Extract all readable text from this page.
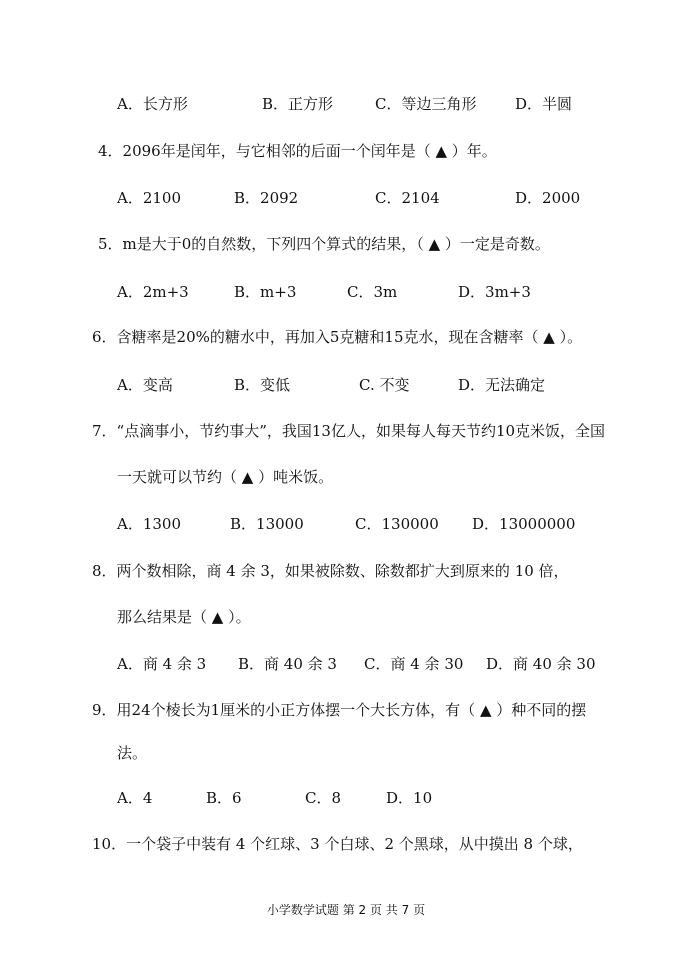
A．长方形	B．正方形	C．等边三角形	D．半圆
4．2096年是闰年，与它相邻的后面一个闰年是（ ▲ ）年。
A．2100	B．2092	C．2104	D．2000
5．m是大于0的自然数，下列四个算式的结果，（ ▲ ）一定是奇数。
A．2m+3	B．m+3	C．3m	D．3m+3
6．含糖率是20%的糖水中，再加入5克糖和15克水，现在含糖率（ ▲ ）。
A．变高	B．变低	C. 不变	D．无法确定
7．“点滴事小，节约事大”，我国13亿人，如果每人每天节约10克米饭，全国
一天就可以节约（ ▲ ）吨米饭。
A．1300	B．13000	C．130000 D．13000000
8．两个数相除，商 4 余 3，如果被除数、除数都扩大到原来的 10 倍，
那么结果是（ ▲ ）。
A．商 4 余 3 B．商 40 余 3 C．商 4 余 30 D．商 40 余 30
9．用24个棱长为1厘米的小正方体摆一个大长方体，有（ ▲ ）种不同的摆
法。
A．4	B．6	C．8	D．10
10．一个袋子中装有 4 个红球、3 个白球、2 个黑球，从中摸出 8 个球，
小学数学试题 第 2 页 共 7 页
